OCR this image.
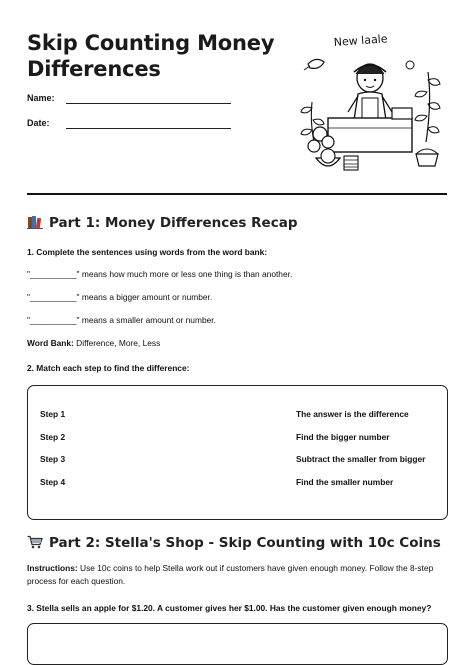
Skip Counting Money
Differences
Name:
Date:
New laale
Part 1: Money Differences Recap
1. Complete the sentences using words from the word bank:
"__________" means how much more or less one thing is than another.
"__________" means a bigger amount or number.
"__________" means a smaller amount or number.
Word Bank: Difference, More, Less
2. Match each step to find the difference:
Step 1	The answer is the difference
Step 2	Find the bigger number
Step 3	Subtract the smaller from bigger
Step 4	Find the smaller number
Part 2: Stella's Shop - Skip Counting with 10c Coins
Instructions: Use 10c coins to help Stella work out if customers have given enough money. Follow the 8-step process for each question.
3. Stella sells an apple for $1.20. A customer gives her $1.00. Has the customer given enough money?
